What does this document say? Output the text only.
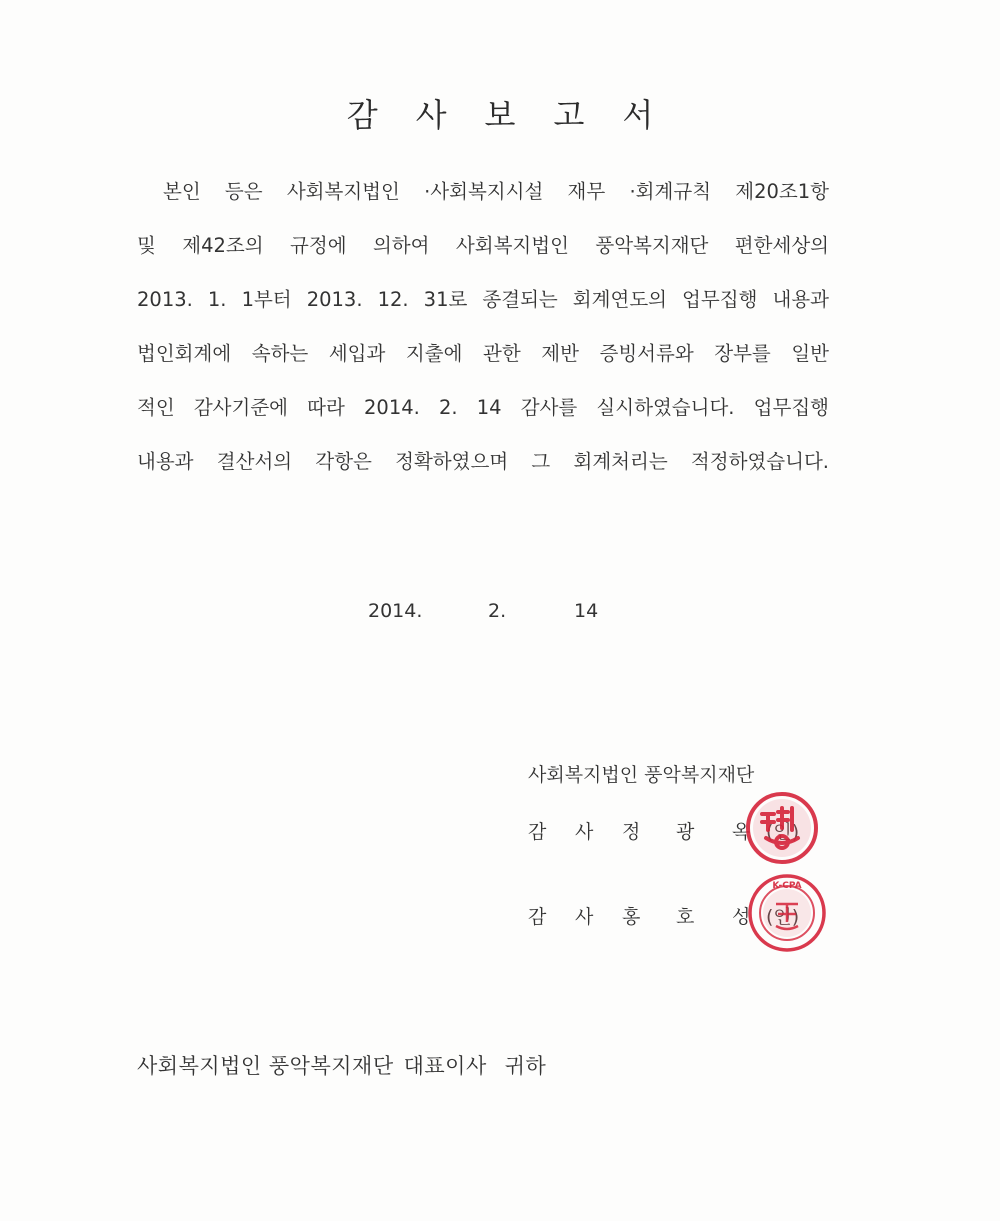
감 사 보 고 서
본인 등은 사회복지법인 ·사회복지시설 재무 ·회계규칙 제20조1항
및 제42조의 규정에 의하여 사회복지법인 풍악복지재단 편한세상의
2013. 1. 1부터 2013. 12. 31로 종결되는 회계연도의 업무집행 내용과
법인회계에 속하는 세입과 지출에 관한 제반 증빙서류와 장부를 일반
적인 감사기준에 따라 2014. 2. 14 감사를 실시하였습니다. 업무집행
내용과 결산서의 각항은 정확하였으며 그 회계처리는 적정하였습니다.
2014.	2.	14
사회복지법인 풍악복지재단
감 사 정 광 옥 (인)
감 사 홍 호 성 (인)
K-CPA
사회복지법인 풍악복지재단 대표이사 귀하
